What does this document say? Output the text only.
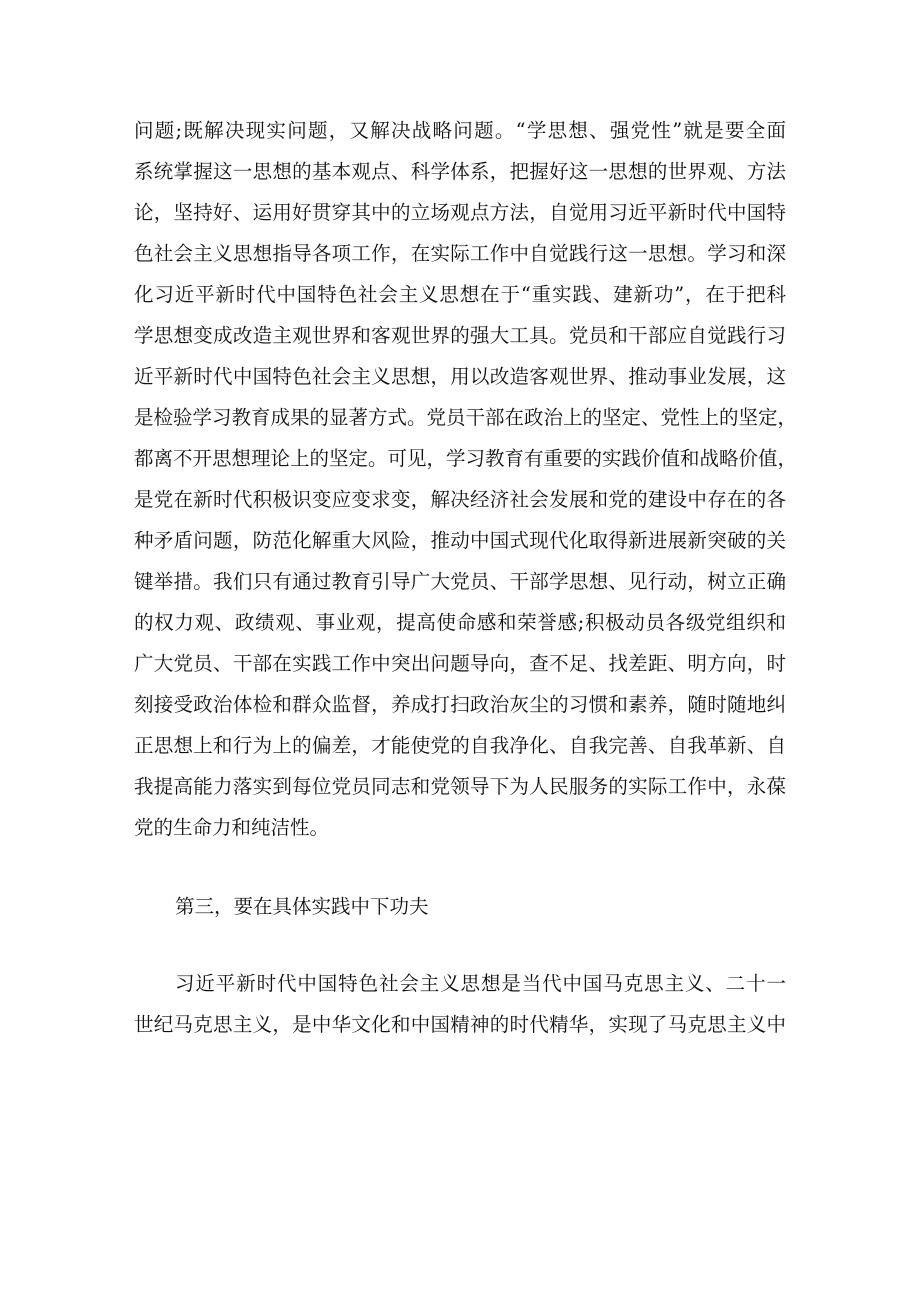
问题;既解决现实问题，又解决战略问题。“学思想、强党性”就是要全面
系统掌握这一思想的基本观点、科学体系，把握好这一思想的世界观、方法
论，坚持好、运用好贯穿其中的立场观点方法，自觉用习近平新时代中国特
色社会主义思想指导各项工作，在实际工作中自觉践行这一思想。学习和深
化习近平新时代中国特色社会主义思想在于“重实践、建新功”，在于把科
学思想变成改造主观世界和客观世界的强大工具。党员和干部应自觉践行习
近平新时代中国特色社会主义思想，用以改造客观世界、推动事业发展，这
是检验学习教育成果的显著方式。党员干部在政治上的坚定、党性上的坚定，
都离不开思想理论上的坚定。可见，学习教育有重要的实践价值和战略价值，
是党在新时代积极识变应变求变，解决经济社会发展和党的建设中存在的各
种矛盾问题，防范化解重大风险，推动中国式现代化取得新进展新突破的关
键举措。我们只有通过教育引导广大党员、干部学思想、见行动，树立正确
的权力观、政绩观、事业观，提高使命感和荣誉感;积极动员各级党组织和
广大党员、干部在实践工作中突出问题导向，查不足、找差距、明方向，时
刻接受政治体检和群众监督，养成打扫政治灰尘的习惯和素养，随时随地纠
正思想上和行为上的偏差，才能使党的自我净化、自我完善、自我革新、自
我提高能力落实到每位党员同志和党领导下为人民服务的实际工作中，永葆
党的生命力和纯洁性。
第三，要在具体实践中下功夫
习近平新时代中国特色社会主义思想是当代中国马克思主义、二十一
世纪马克思主义，是中华文化和中国精神的时代精华，实现了马克思主义中
